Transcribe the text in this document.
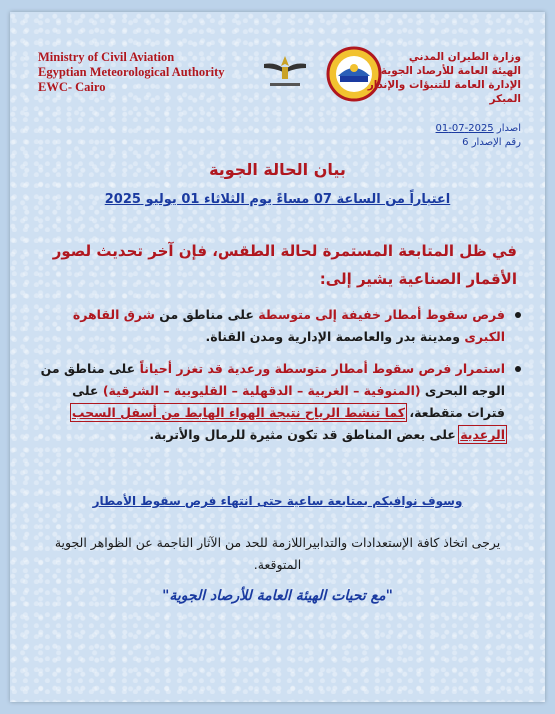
Ministry of Civil Aviation
Egyptian Meteorological Authority
EWC- Cairo
وزارة الطيران المدني
الهيئة العامة للأرصاد الجوية
الإدارة العامة للتنبؤات والإنذار المبكر
اصدار 2025-07-01
رقم الإصدار 6
بيان الحالة الجوية
اعتباراً من الساعة 07 مساءً يوم الثلاثاء 01 يوليو 2025
في ظل المتابعة المستمرة لحالة الطقس، فإن آخر تحديث لصور الأقمار الصناعية يشير إلى:
فرص سقوط أمطار خفيفة إلى متوسطة على مناطق من شرق القاهرة الكبرى ومدينة بدر والعاصمة الإدارية ومدن القناة.
استمرار فرص سقوط أمطار متوسطة ورعدية قد تغزر أحياناً على مناطق من الوجه البحرى (المنوفية – الغربية – الدقهلية – القليوبية – الشرقية) على فترات متقطعة، كما تنشط الرياح نتيجة الهواء الهابط من أسفل السحب الرعدية على بعض المناطق قد تكون مثيرة للرمال والأتربة.
وسوف نوافيكم بمتابعة ساعية حتى انتهاء فرص سقوط الأمطار
يرجى اتخاذ كافة الإستعدادات والتدابيراللازمة للحد من الآثار الناجمة عن الظواهر الجوية المتوقعة.
"مع تحيات الهيئة العامة للأرصاد الجوية"
